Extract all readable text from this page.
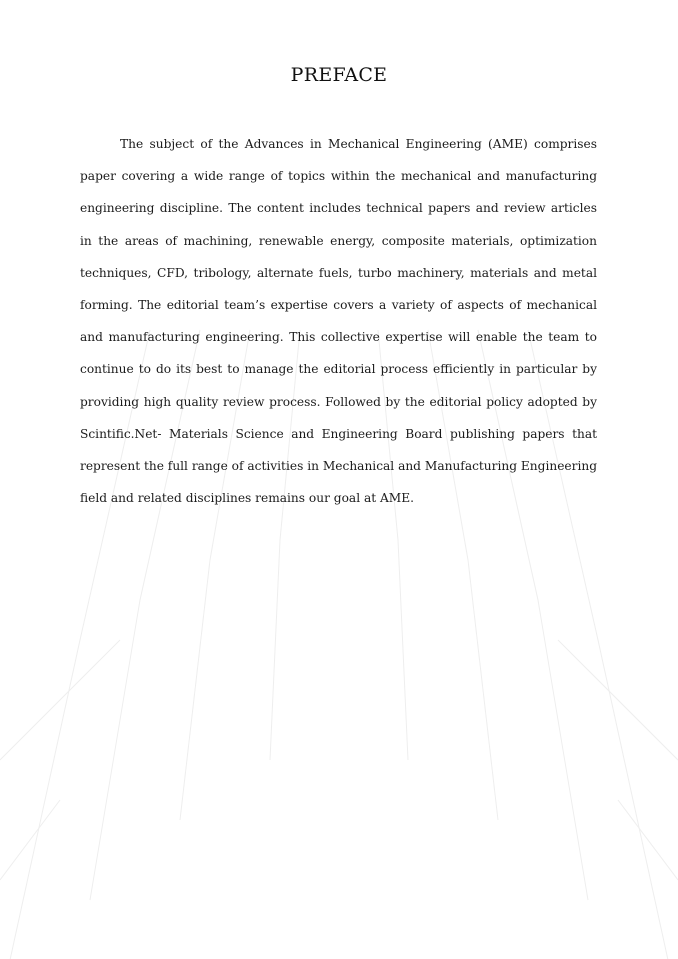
PREFACE

The subject of the Advances in Mechanical Engineering (AME) comprises paper covering a wide range of topics within the mechanical and manufacturing engineering discipline. The content includes technical papers and review articles in the areas of machining, renewable energy, composite materials, optimization techniques, CFD, tribology, alternate fuels, turbo machinery, materials and metal forming. The editorial team’s expertise covers a variety of aspects of mechanical and manufacturing engineering. This collective expertise will enable the team to continue to do its best to manage the editorial process efficiently in particular by providing high quality review process. Followed by the editorial policy adopted by Scintific.Net- Materials Science and Engineering Board publishing papers that represent the full range of activities in Mechanical and Manufacturing Engineering field and related disciplines remains our goal at AME.
